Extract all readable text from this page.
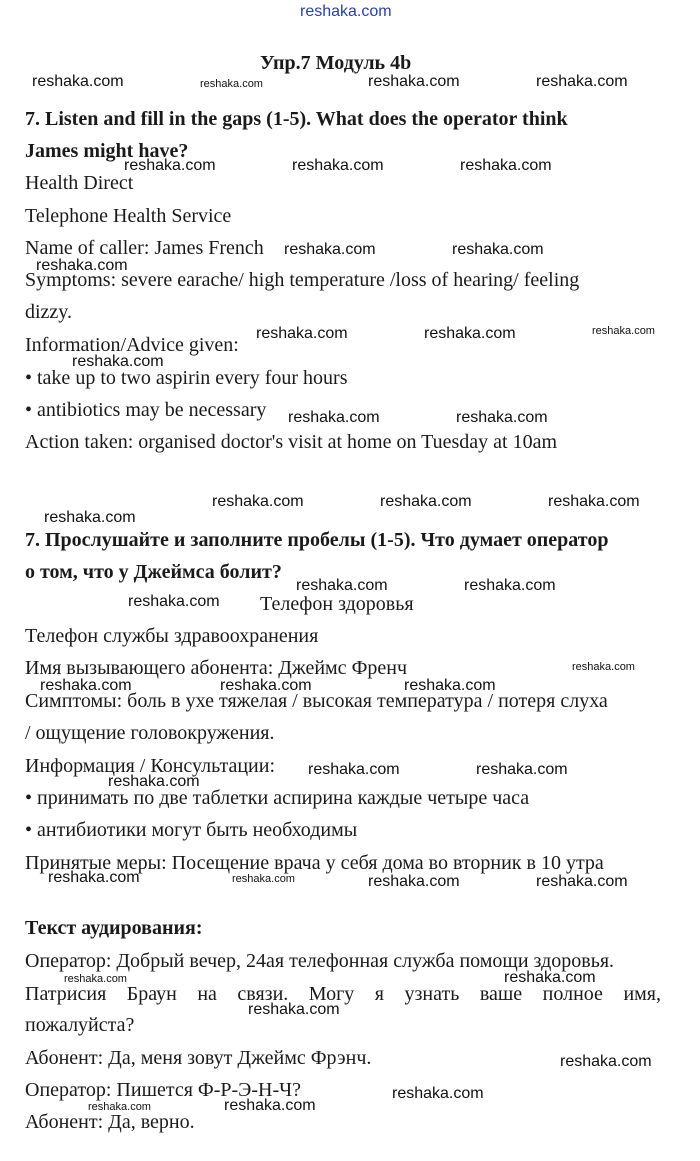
reshaka.com
Упр.7 Модуль 4b
7. Listen and fill in the gaps (1-5). What does the operator think
James might have?
Health Direct
Telephone Health Service
Name of caller: James French
Symptoms: severe earache/ high temperature /loss of hearing/ feeling
dizzy.
Information/Advice given:
• take up to two aspirin every four hours
• antibiotics may be necessary
Action taken: organised doctor's visit at home on Tuesday at 10am
7. Прослушайте и заполните пробелы (1-5). Что думает оператор
о том, что у Джеймса болит?
Телефон здоровья
Телефон службы здравоохранения
Имя вызывающего абонента: Джеймс Френч
Симптомы: боль в ухе тяжелая / высокая температура / потеря слуха
/ ощущение головокружения.
Информация / Консультации:
• принимать по две таблетки аспирина каждые четыре часа
• антибиотики могут быть необходимы
Принятые меры: Посещение врача у себя дома во вторник в 10 утра
Текст аудирования:
Оператор: Добрый вечер, 24ая телефонная служба помощи здоровья.
Патрисия Браун на связи. Могу я узнать ваше полное имя,
пожалуйста?
Абонент: Да, меня зовут Джеймс Фрэнч.
Оператор: Пишется Ф-Р-Э-Н-Ч?
Абонент: Да, верно.
reshaka.com	reshaka.com	reshaka.com	reshaka.com
reshaka.com	reshaka.com	reshaka.com
reshaka.com	reshaka.com
reshaka.com
reshaka.com	reshaka.com	reshaka.com
reshaka.com
reshaka.com	reshaka.com
reshaka.com	reshaka.com	reshaka.com
reshaka.com
reshaka.com	reshaka.com
reshaka.com
reshaka.com
reshaka.com	reshaka.com	reshaka.com
reshaka.com	reshaka.com
reshaka.com
reshaka.com	reshaka.com	reshaka.com	reshaka.com
reshaka.com	reshaka.com
reshaka.com
reshaka.com
reshaka.com
reshaka.com	reshaka.com
